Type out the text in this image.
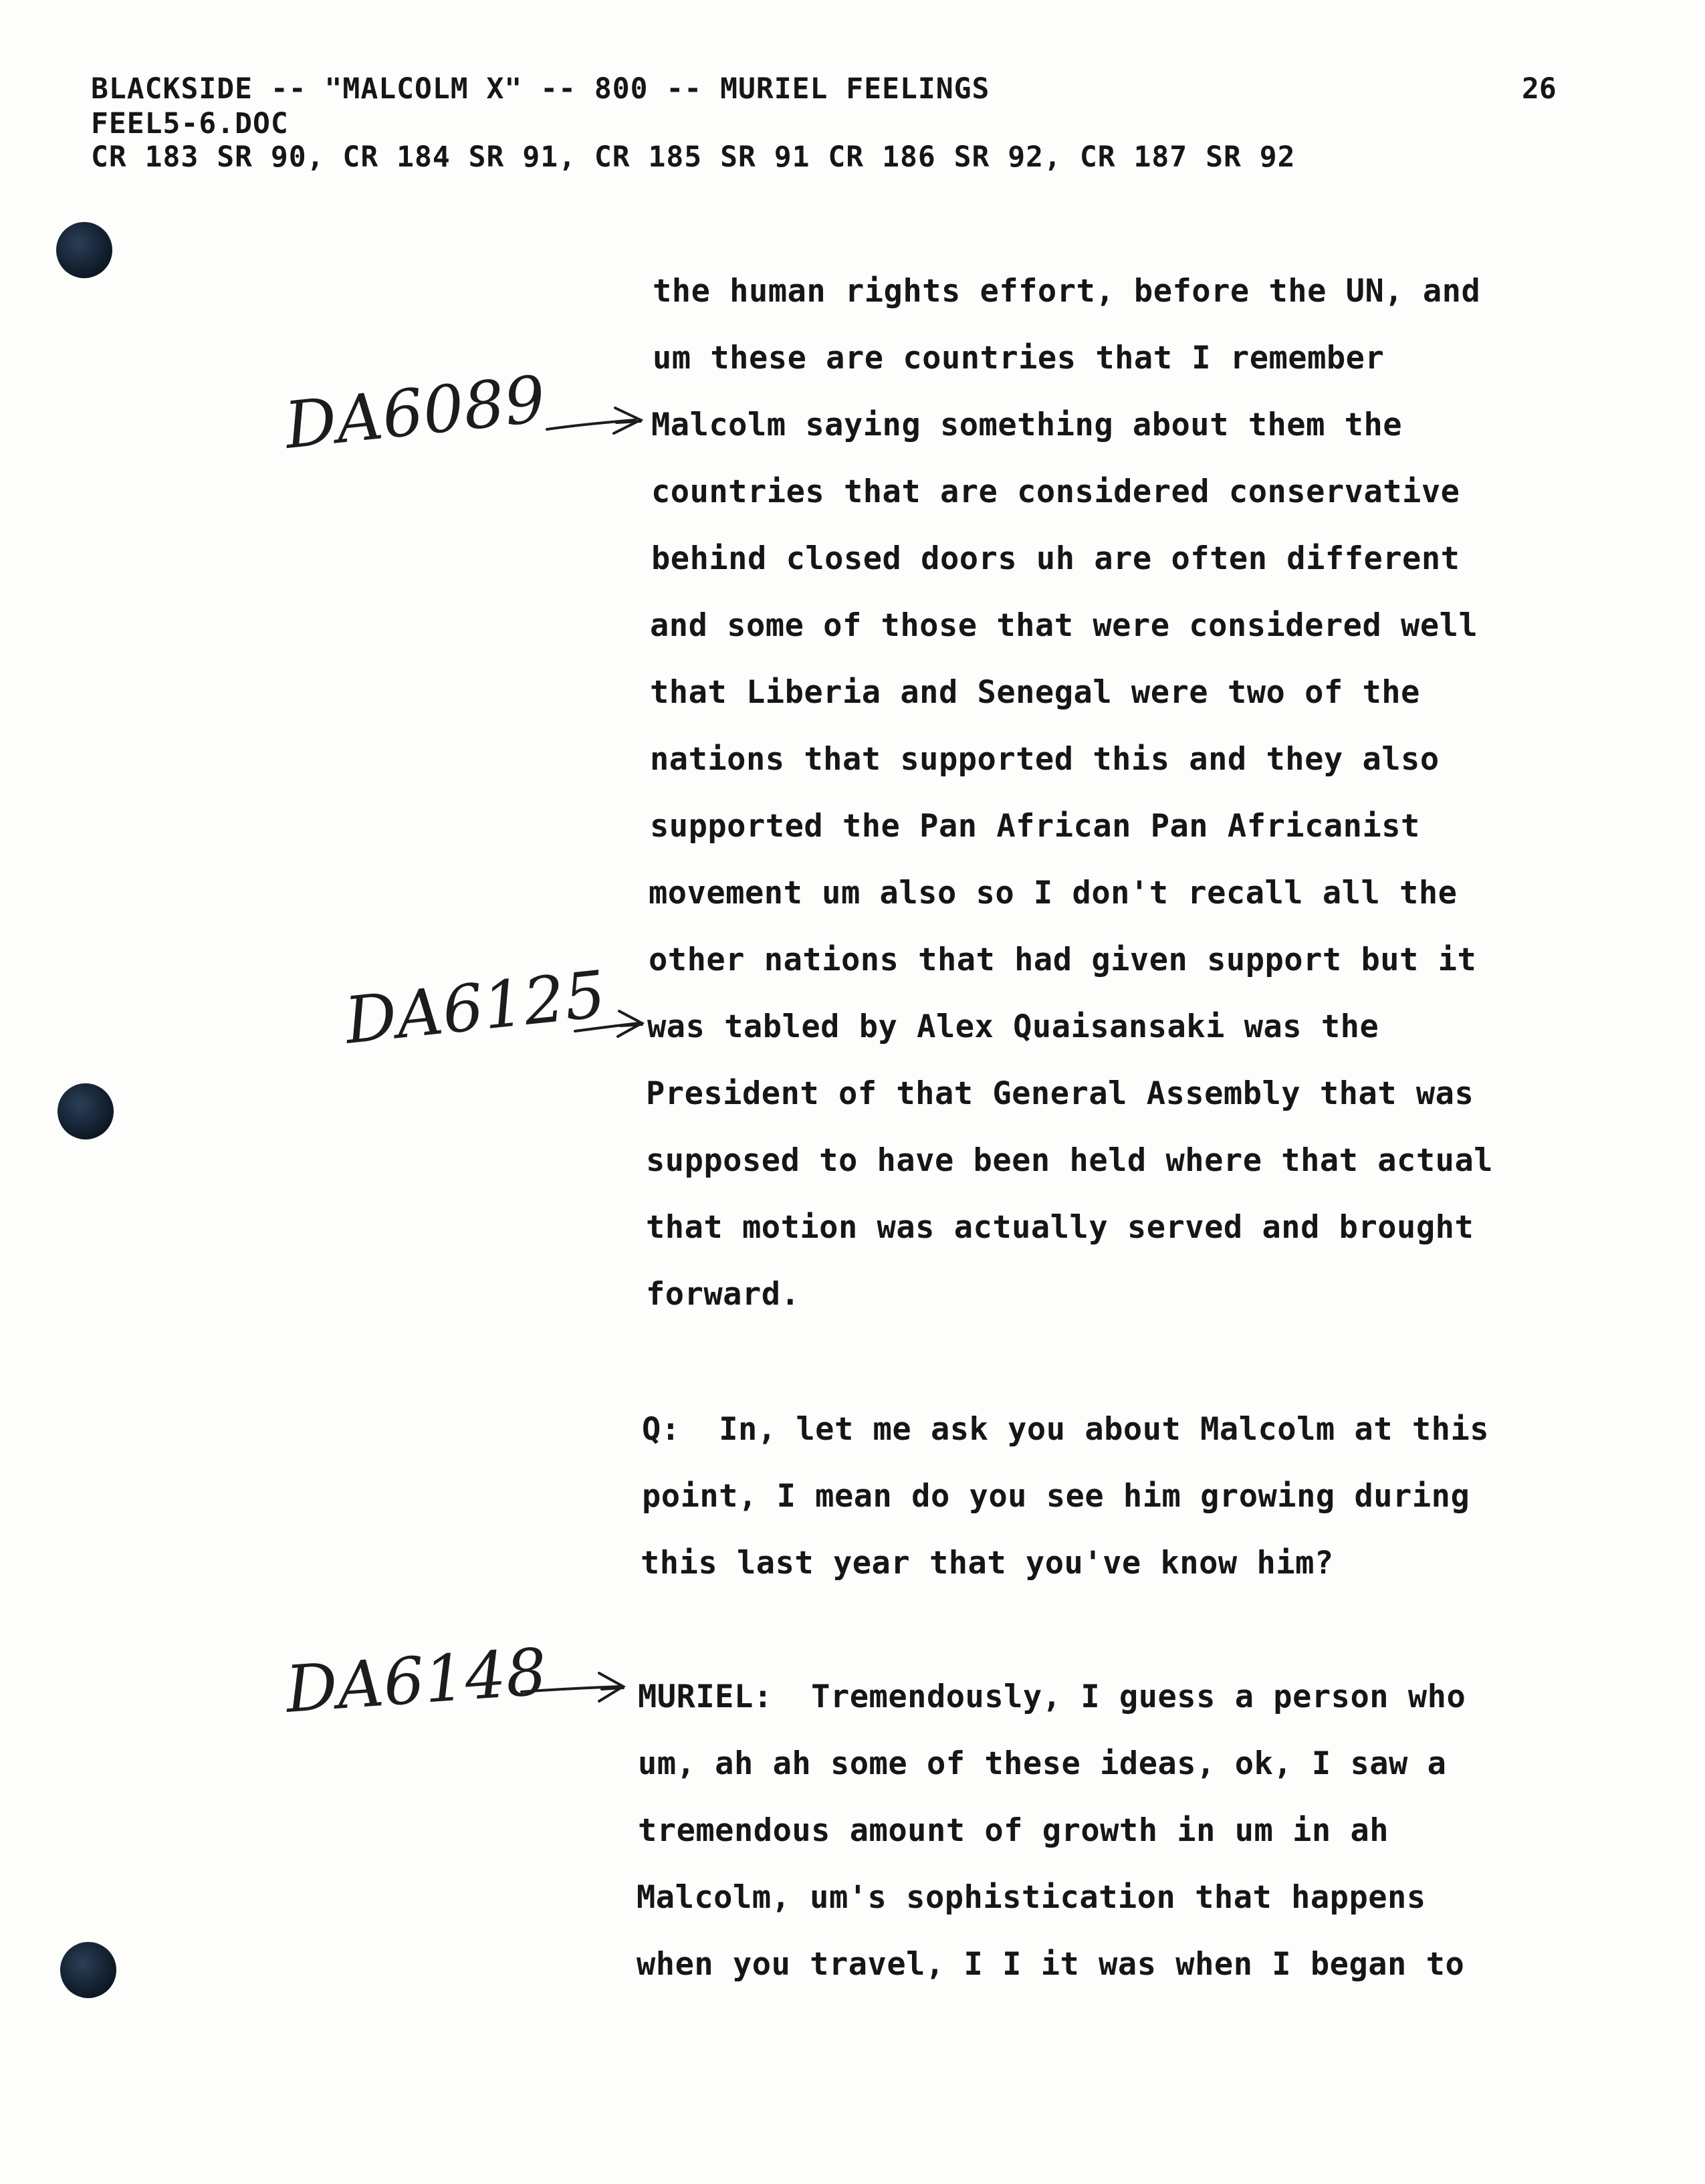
BLACKSIDE -- "MALCOLM X" -- 800 -- MURIEL FEELINGS
FEEL5-6.DOC
CR 183 SR 90, CR 184 SR 91, CR 185 SR 91 CR 186 SR 92, CR 187 SR 92
26
the human rights effort, before the UN, and
um these are countries that I remember
Malcolm saying something about them the
countries that are considered conservative
behind closed doors uh are often different
and some of those that were considered well
that Liberia and Senegal were two of the
nations that supported this and they also
supported the Pan African Pan Africanist
movement um also so I don't recall all the
other nations that had given support but it
was tabled by Alex Quaisansaki was the
President of that General Assembly that was
supposed to have been held where that actual
that motion was actually served and brought
forward.
Q: In, let me ask you about Malcolm at this
point, I mean do you see him growing during
this last year that you've know him?
MURIEL: Tremendously, I guess a person who
um, ah ah some of these ideas, ok, I saw a
tremendous amount of growth in um in ah
Malcolm, um's sophistication that happens
when you travel, I I it was when I began to
DA6089
DA6125
DA6148
